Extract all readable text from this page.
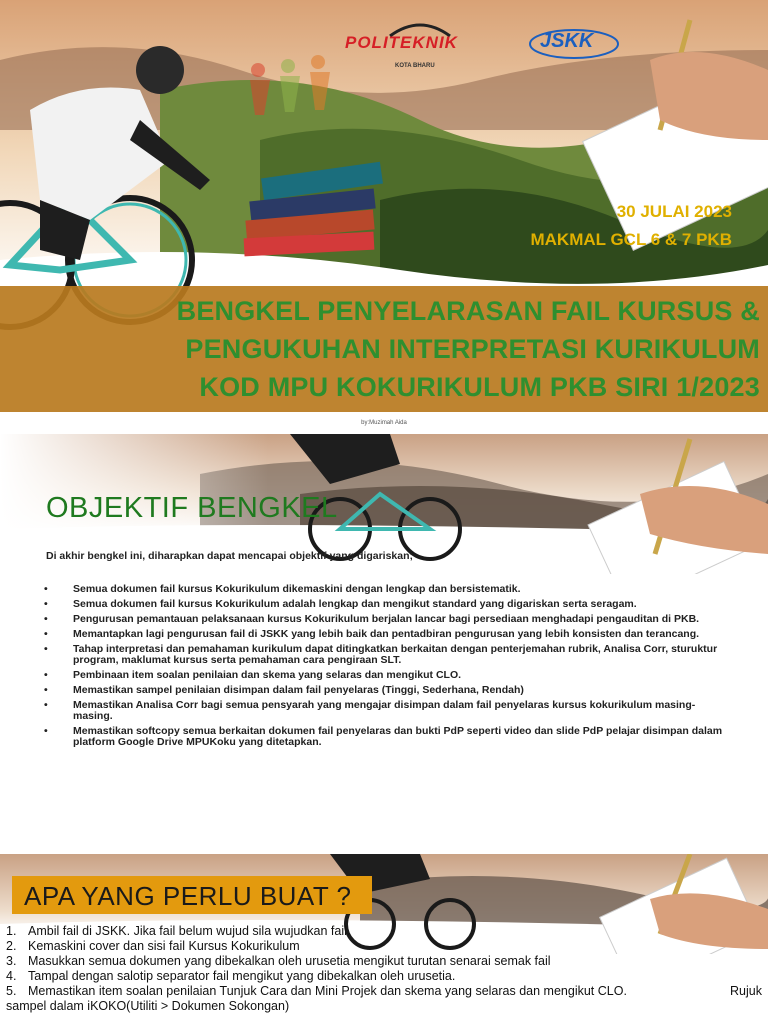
POLITEKNIK
KOTA BHARU
JSKK
30 JULAI 2023
MAKMAL GCL 6 & 7 PKB
BENGKEL PENYELARASAN FAIL KURSUS &
PENGUKUHAN INTERPRETASI KURIKULUM
KOD MPU KOKURIKULUM PKB SIRI 1/2023
by:Muzimah Aida
OBJEKTIF BENGKEL
Di akhir bengkel ini, diharapkan dapat mencapai objektif yang digariskan;
• Semua dokumen fail kursus Kokurikulum dikemaskini dengan lengkap dan bersistematik.
• Semua dokumen fail kursus Kokurikulum adalah lengkap dan mengikut standard yang digariskan serta seragam.
• Pengurusan pemantauan pelaksanaan kursus Kokurikulum berjalan lancar bagi persediaan menghadapi pengauditan di PKB.
• Memantapkan lagi pengurusan fail di JSKK yang lebih baik dan pentadbiran pengurusan yang lebih konsisten dan terancang.
• Tahap interpretasi dan pemahaman kurikulum dapat ditingkatkan berkaitan dengan penterjemahan rubrik, Analisa Corr, sturuktur program, maklumat kursus serta pemahaman cara pengiraan SLT.
• Pembinaan item soalan penilaian dan skema yang selaras dan mengikut CLO.
• Memastikan sampel penilaian disimpan dalam fail penyelaras (Tinggi, Sederhana, Rendah)
• Memastikan Analisa Corr bagi semua pensyarah yang mengajar disimpan dalam fail penyelaras kursus kokurikulum masing-masing.
• Memastikan softcopy semua berkaitan dokumen fail penyelaras dan bukti PdP seperti video dan slide PdP pelajar disimpan dalam platform Google Drive MPUKoku yang ditetapkan.
APA YANG PERLU BUAT ?
1. Ambil fail di JSKK. Jika fail belum wujud sila wujudkan fail.
2. Kemaskini cover dan sisi fail Kursus Kokurikulum
3. Masukkan semua dokumen yang dibekalkan oleh urusetia mengikut turutan senarai semak fail
4. Tampal dengan salotip separator fail mengikut yang dibekalkan oleh urusetia.
5. Memastikan item soalan penilaian Tunjuk Cara dan Mini Projek dan skema yang selaras dan mengikut CLO.	Rujuk
sampel dalam iKOKO(Utiliti > Dokumen Sokongan)
